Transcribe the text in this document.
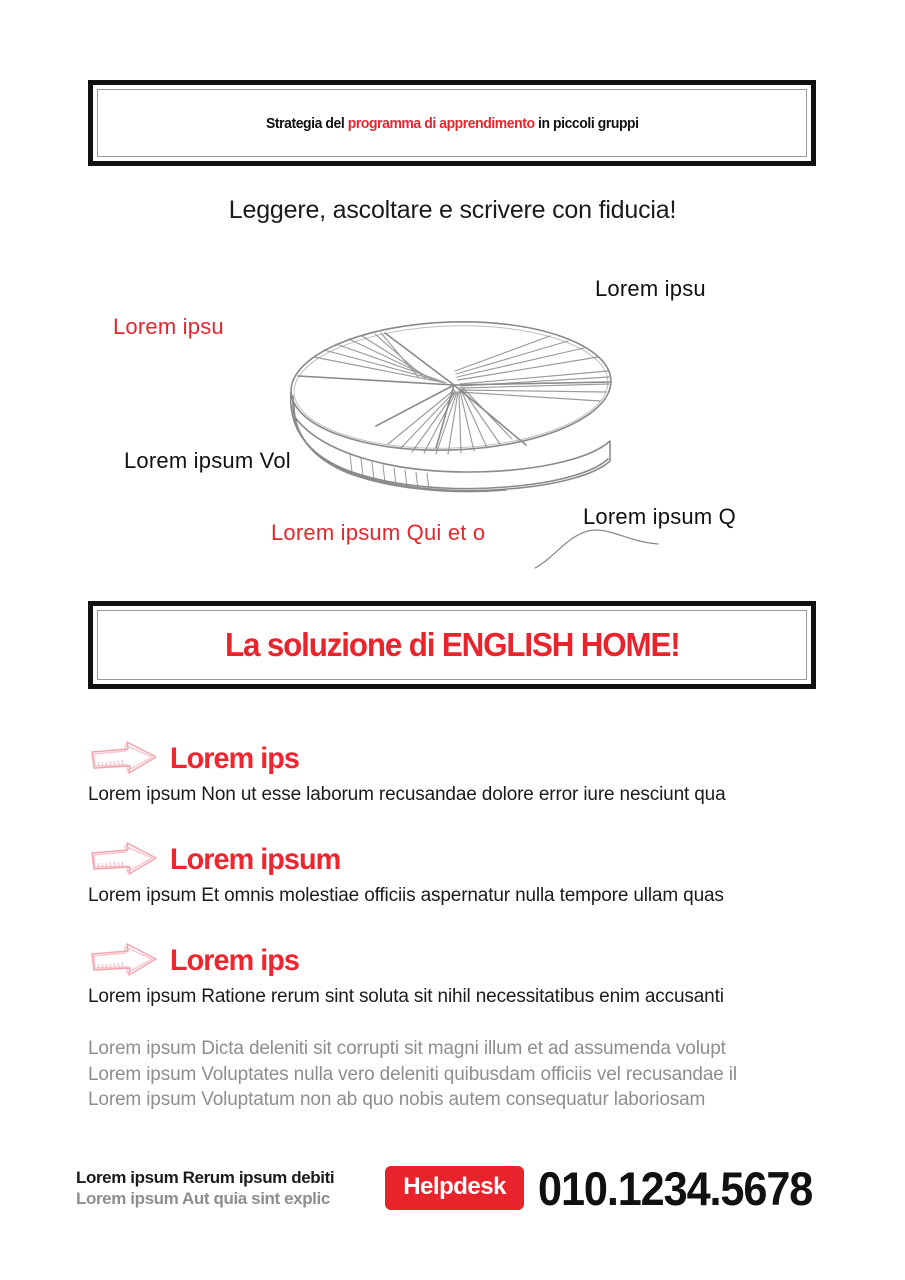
Strategia del programma di apprendimento in piccoli gruppi
Leggere, ascoltare e scrivere con fiducia!
Lorem ipsu
Lorem ipsu
Lorem ipsum Vol
Lorem ipsum Qui et o
Lorem ipsum Q
La soluzione di ENGLISH HOME!
Lorem ips
Lorem ipsum Non ut esse laborum recusandae dolore error iure nesciunt qua
Lorem ipsum
Lorem ipsum Et omnis molestiae officiis aspernatur nulla tempore ullam quas
Lorem ips
Lorem ipsum Ratione rerum sint soluta sit nihil necessitatibus enim accusanti
Lorem ipsum Dicta deleniti sit corrupti sit magni illum et ad assumenda volupt
Lorem ipsum Voluptates nulla vero deleniti quibusdam officiis vel recusandae il
Lorem ipsum Voluptatum non ab quo nobis autem consequatur laboriosam
Lorem ipsum Rerum ipsum debiti
Lorem ipsum Aut quia sint explic	Helpdesk 010.1234.5678
